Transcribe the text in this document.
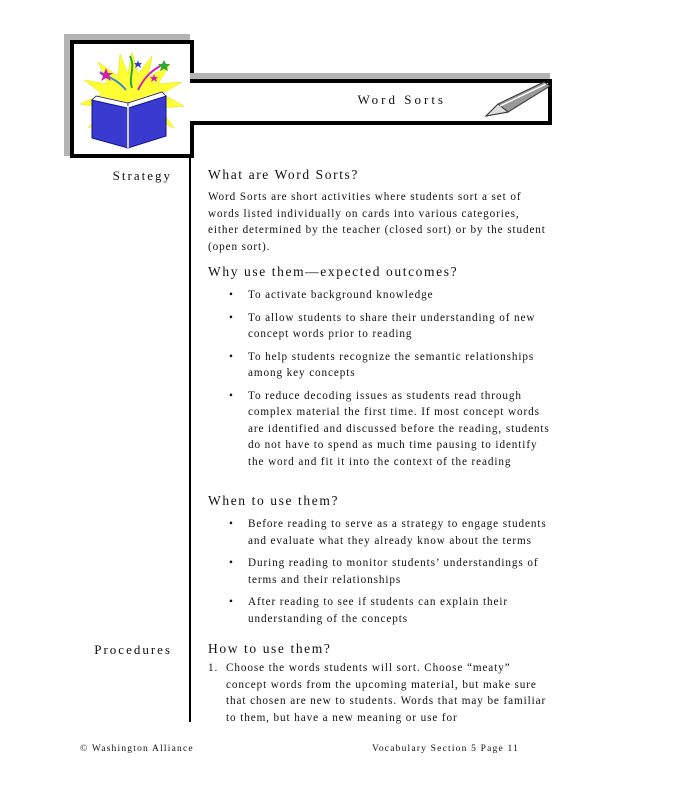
Word Sorts
Strategy
Procedures

What are Word Sorts?

Word Sorts are short activities where students sort a set of words listed individually on cards into various categories, either determined by the teacher (closed sort) or by the student (open sort).

Why use them—expected outcomes?

• To activate background knowledge
• To allow students to share their understanding of new concept words prior to reading
• To help students recognize the semantic relationships among key concepts
• To reduce decoding issues as students read through complex material the first time. If most concept words are identified and discussed before the reading, students do not have to spend as much time pausing to identify the word and fit it into the context of the reading

When to use them?

• Before reading to serve as a strategy to engage students and evaluate what they already know about the terms
• During reading to monitor students’ understandings of terms and their relationships
• After reading to see if students can explain their understanding of the concepts

How to use them?

1. Choose the words students will sort. Choose “meaty” concept words from the upcoming material, but make sure that chosen are new to students. Words that may be familiar to them, but have a new meaning or use for
© Washington Alliance	Vocabulary Section 5 Page 11
